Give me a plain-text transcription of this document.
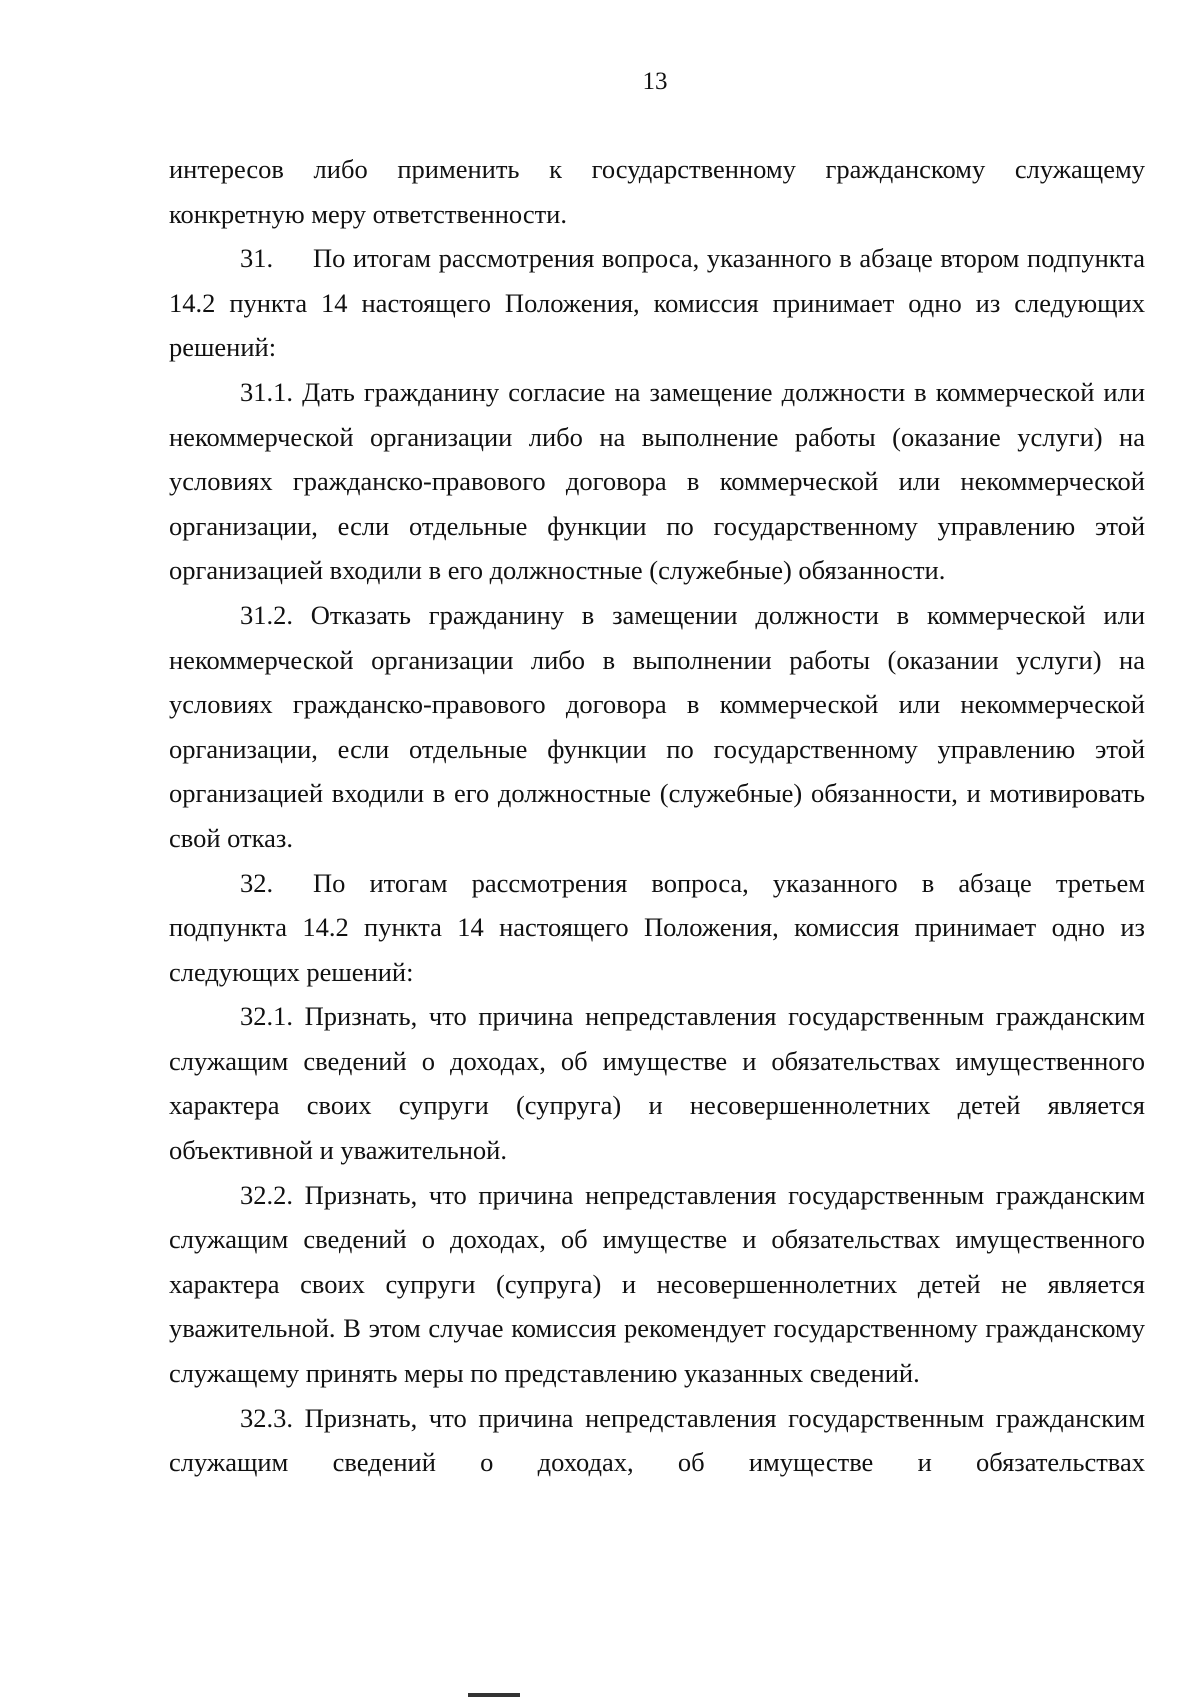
13

интересов либо применить к государственному гражданскому служащему конкретную меру ответственности.

31. По итогам рассмотрения вопроса, указанного в абзаце втором подпункта 14.2 пункта 14 настоящего Положения, комиссия принимает одно из следующих решений:

31.1. Дать гражданину согласие на замещение должности в коммерческой или некоммерческой организации либо на выполнение работы (оказание услуги) на условиях гражданско-правового договора в коммерческой или некоммерческой организации, если отдельные функции по государственному управлению этой организацией входили в его должностные (служебные) обязанности.

31.2. Отказать гражданину в замещении должности в коммерческой или некоммерческой организации либо в выполнении работы (оказании услуги) на условиях гражданско-правового договора в коммерческой или некоммерческой организации, если отдельные функции по государственному управлению этой организацией входили в его должностные (служебные) обязанности, и мотивировать свой отказ.

32. По итогам рассмотрения вопроса, указанного в абзаце третьем подпункта 14.2 пункта 14 настоящего Положения, комиссия принимает одно из следующих решений:

32.1. Признать, что причина непредставления государственным гражданским служащим сведений о доходах, об имуществе и обязательствах имущественного характера своих супруги (супруга) и несовершеннолетних детей является объективной и уважительной.

32.2. Признать, что причина непредставления государственным гражданским служащим сведений о доходах, об имуществе и обязательствах имущественного характера своих супруги (супруга) и несовершеннолетних детей не является уважительной. В этом случае комиссия рекомендует государственному гражданскому служащему принять меры по представлению указанных сведений.

32.3. Признать, что причина непредставления государственным гражданским служащим сведений о доходах, об имуществе и обязательствах
